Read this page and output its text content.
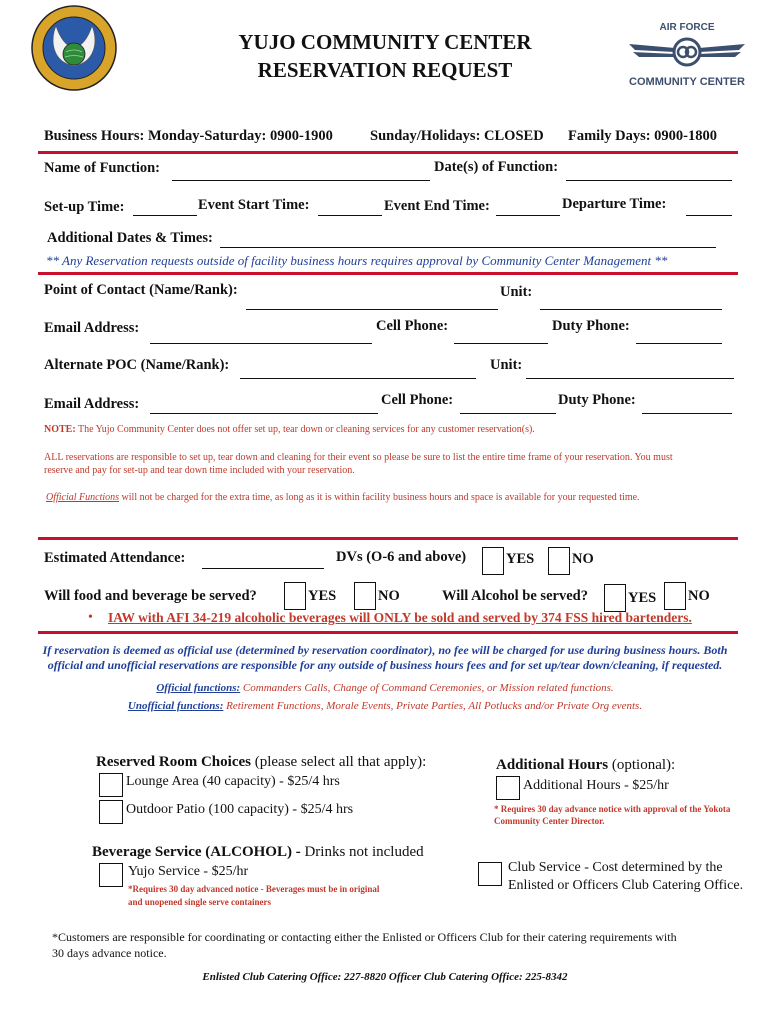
YUJO COMMUNITY CENTER
RESERVATION REQUEST
AIR FORCE
COMMUNITY CENTER
Business Hours: Monday-Saturday: 0900-1900	Sunday/Holidays: CLOSED Family Days: 0900-1800
Name of Function:	Date(s) of Function:
Set-up Time:	Event Start Time:	Event End Time:	Departure Time:
Additional Dates & Times:
** Any Reservation requests outside of facility business hours requires approval by Community Center Management **
Point of Contact (Name/Rank):	Unit:
Email Address:	Cell Phone:	Duty Phone:
Alternate POC (Name/Rank):	Unit:
Email Address:	Cell Phone:	Duty Phone:
NOTE: The Yujo Community Center does not offer set up, tear down or cleaning services for any customer reservation(s).
ALL reservations are responsible to set up, tear down and cleaning for their event so please be sure to list the entire time frame of your reservation. You must
reserve and pay for set-up and tear down time included with your reservation.
Official Functions will not be charged for the extra time, as long as it is within facility business hours and space is available for your requested time.
Estimated Attendance:	DVs (O-6 and above)	YES	NO
Will food and beverage be served?	YES	NO	Will Alcohol be served?	YES NO
• IAW with AFI 34-219 alcoholic beverages will ONLY be sold and served by 374 FSS hired bartenders.
If reservation is deemed as official use (determined by reservation coordinator), no fee will be charged for use during business hours. Both
official and unofficial reservations are responsible for any outside of business hours fees and for set up/tear down/cleaning, if requested.
Official functions: Commanders Calls, Change of Command Ceremonies, or Mission related functions.
Unofficial functions: Retirement Functions, Morale Events, Private Parties, All Potlucks and/or Private Org events.
Reserved Room Choices (please select all that apply):
Lounge Area (40 capacity) - $25/4 hrs
Outdoor Patio (100 capacity) - $25/4 hrs
Additional Hours (optional):
Additional Hours - $25/hr
* Requires 30 day advance notice with approval of the Yokota
Community Center Director.
Beverage Service (ALCOHOL) - Drinks not included
Yujo Service - $25/hr
*Requires 30 day advanced notice - Beverages must be in original
and unopened single serve containers
Club Service - Cost determined by the
Enlisted or Officers Club Catering Office.
*Customers are responsible for coordinating or contacting either the Enlisted or Officers Club for their catering requirements with
30 days advance notice.
Enlisted Club Catering Office: 227-8820 Officer Club Catering Office: 225-8342
